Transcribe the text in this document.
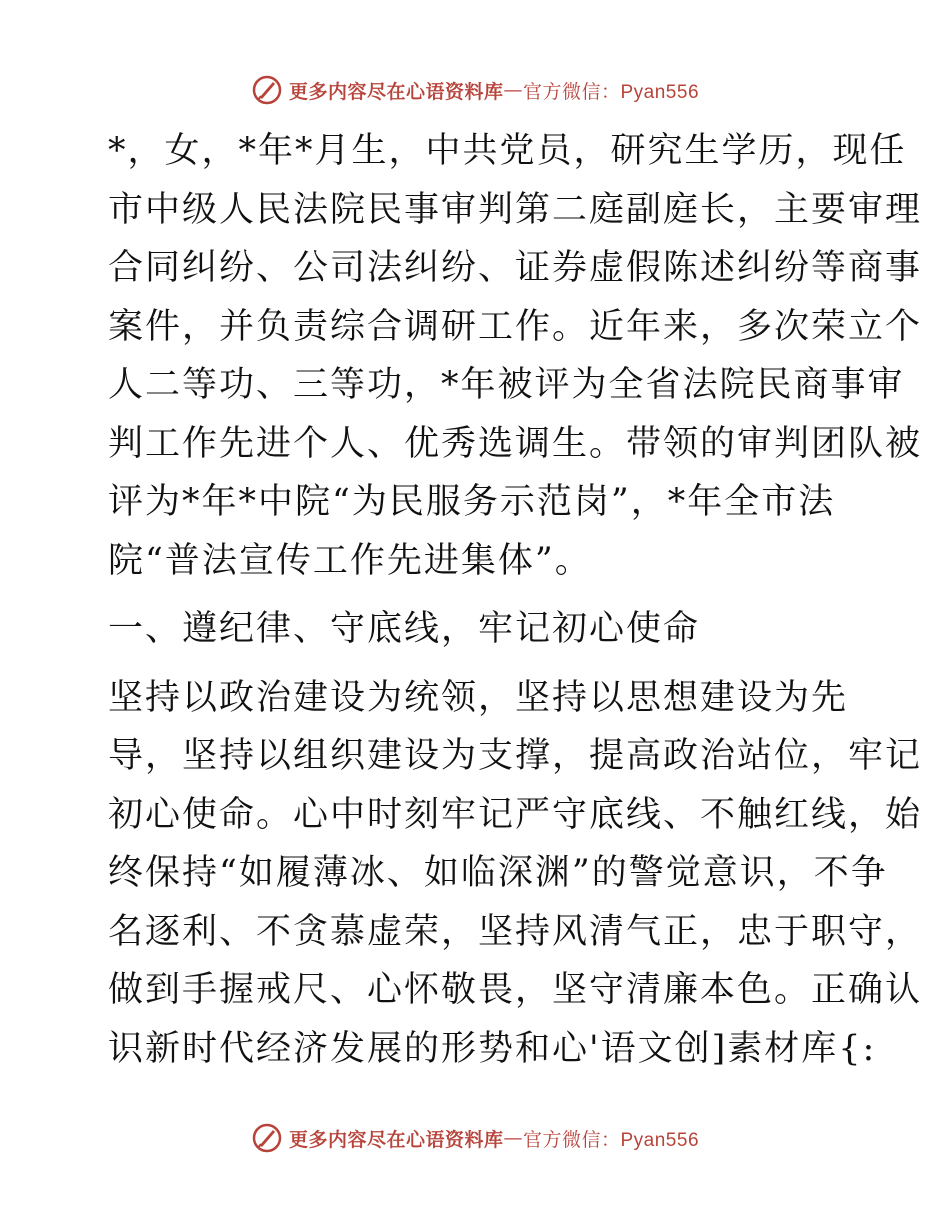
更多内容尽在心语资料库 — 官方微信：Pyan556

*，女，*年*月生，中共党员，研究生学历，现任
市中级人民法院民事审判第二庭副庭长，主要审理
合同纠纷、公司法纠纷、证券虚假陈述纠纷等商事
案件，并负责综合调研工作。近年来，多次荣立个
人二等功、三等功，*年被评为全省法院民商事审
判工作先进个人、优秀选调生。带领的审判团队被
评为*年*中院“为民服务示范岗”，*年全市法
院“普法宣传工作先进集体”。

一、遵纪律、守底线，牢记初心使命

坚持以政治建设为统领，坚持以思想建设为先
导，坚持以组织建设为支撑，提高政治站位，牢记
初心使命。心中时刻牢记严守底线、不触红线，始
终保持“如履薄冰、如临深渊”的警觉意识，不争
名逐利、不贪慕虚荣，坚持风清气正，忠于职守，
做到手握戒尺、心怀敬畏，坚守清廉本色。正确认
识新时代经济发展的形势和心'语文创]素材库{:

更多内容尽在心语资料库 — 官方微信：Pyan556
